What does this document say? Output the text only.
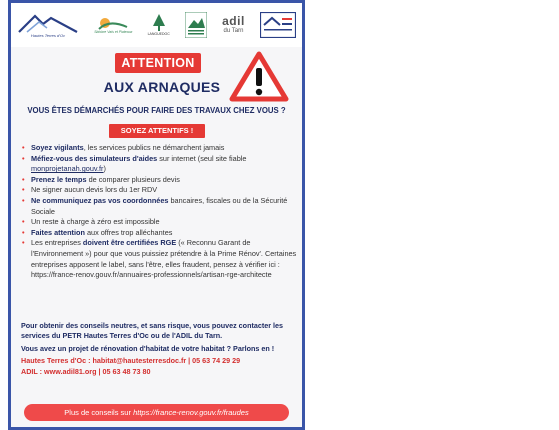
Hautes Terres d'Oc
Sidobre Vals et Plateaux	LANGUEDOC
adil
du Tarn
ATTENTION
AUX ARNAQUES
VOUS ÊTES DÉMARCHÉS POUR FAIRE DES TRAVAUX CHEZ VOUS ?
SOYEZ ATTENTIFS !
• Soyez vigilants, les services publics ne démarchent jamais
• Méfiez-vous des simulateurs d'aides sur internet (seul site fiable monprojetanah.gouv.fr)
• Prenez le temps de comparer plusieurs devis
• Ne signer aucun devis lors du 1er RDV
• Ne communiquez pas vos coordonnées bancaires, fiscales ou de la Sécurité Sociale
• Un reste à charge à zéro est impossible
• Faites attention aux offres trop alléchantes
• Les entreprises doivent être certifiées RGE (« Reconnu Garant de l'Environnement ») pour que vous puissiez prétendre à la Prime Rénov'. Certaines entreprises apposent le label, sans l'être, elles fraudent, pensez à vérifier ici : https://france-renov.gouv.fr/annuaires-professionnels/artisan-rge-architecte

Pour obtenir des conseils neutres, et sans risque, vous pouvez contacter les services du PETR Hautes Terres d'Oc ou de l'ADIL du Tarn.

Vous avez un projet de rénovation d'habitat de votre habitat ? Parlons en !

Hautes Terres d'Oc : habitat@hautesterresdoc.fr | 05 63 74 29 29

ADIL : www.adil81.org | 05 63 48 73 80

Plus de conseils sur https://france-renov.gouv.fr/fraudes
